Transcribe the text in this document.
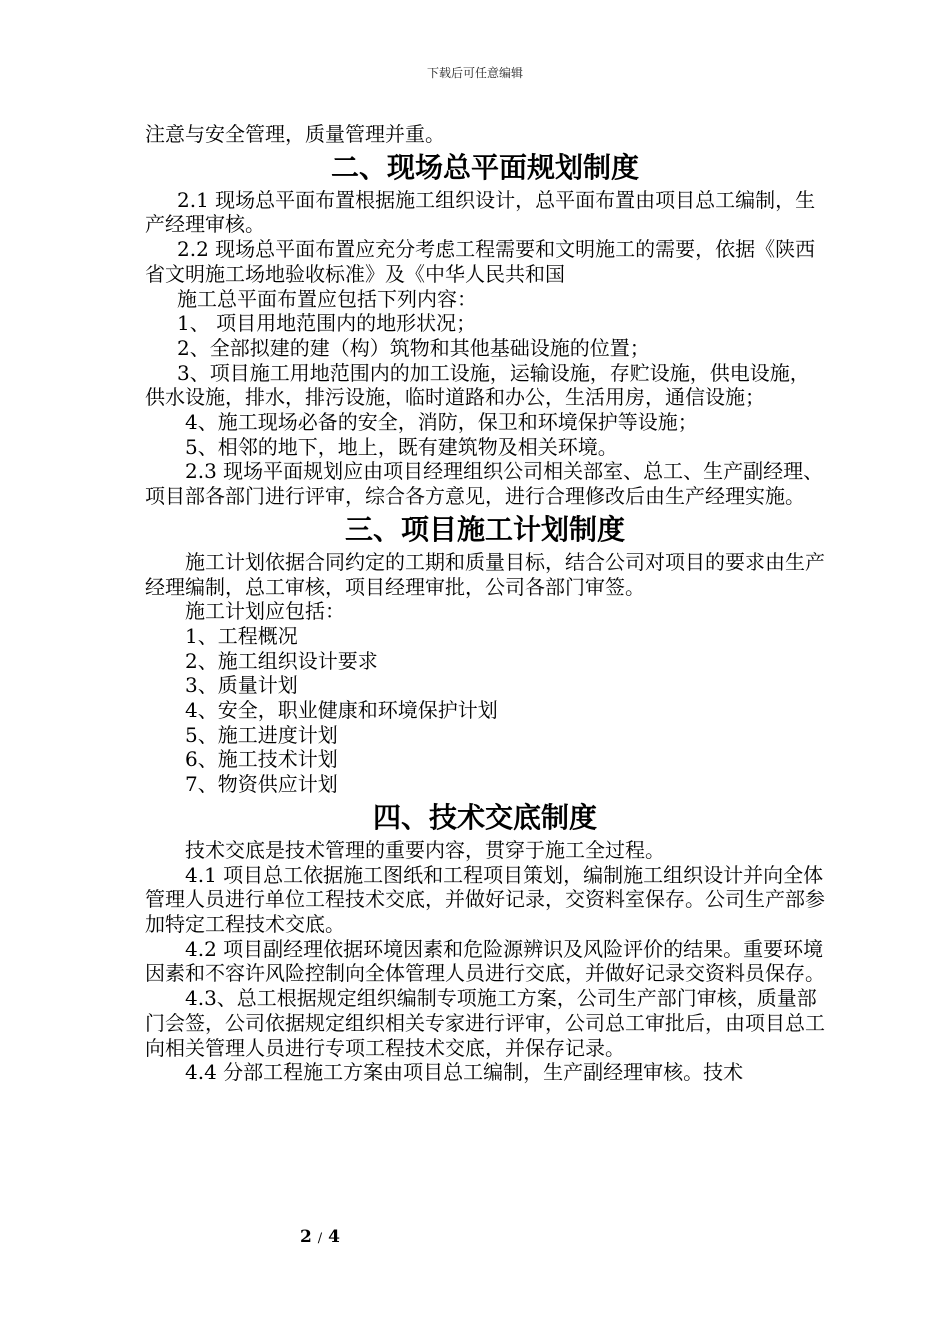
下载后可任意编辑

注意与安全管理，质量管理并重。

二、现场总平面规划制度

2.1 现场总平面布置根据施工组织设计，总平面布置由项目总工编制，生产经理审核。

2.2 现场总平面布置应充分考虑工程需要和文明施工的需要，依据《陕西省文明施工场地验收标准》及《中华人民共和国

施工总平面布置应包括下列内容：

1、 项目用地范围内的地形状况；

2、全部拟建的建（构）筑物和其他基础设施的位置；

3、项目施工用地范围内的加工设施，运输设施，存贮设施，供电设施，供水设施，排水，排污设施，临时道路和办公，生活用房，通信设施；

4、施工现场必备的安全，消防，保卫和环境保护等设施；

5、相邻的地下，地上，既有建筑物及相关环境。

2.3 现场平面规划应由项目经理组织公司相关部室、总工、生产副经理、项目部各部门进行评审，综合各方意见，进行合理修改后由生产经理实施。

三、项目施工计划制度

施工计划依据合同约定的工期和质量目标，结合公司对项目的要求由生产经理编制，总工审核，项目经理审批，公司各部门审签。

施工计划应包括：

1、工程概况

2、施工组织设计要求

3、质量计划

4、安全，职业健康和环境保护计划

5、施工进度计划

6、施工技术计划

7、物资供应计划

四、技术交底制度

技术交底是技术管理的重要内容，贯穿于施工全过程。

4.1 项目总工依据施工图纸和工程项目策划，编制施工组织设计并向全体管理人员进行单位工程技术交底，并做好记录，交资料室保存。公司生产部参加特定工程技术交底。

4.2 项目副经理依据环境因素和危险源辨识及风险评价的结果。重要环境因素和不容许风险控制向全体管理人员进行交底，并做好记录交资料员保存。

4.3、总工根据规定组织编制专项施工方案，公司生产部门审核，质量部门会签，公司依据规定组织相关专家进行评审，公司总工审批后，由项目总工向相关管理人员进行专项工程技术交底，并保存记录。

4.4 分部工程施工方案由项目总工编制，生产副经理审核。技术

2 / 4
